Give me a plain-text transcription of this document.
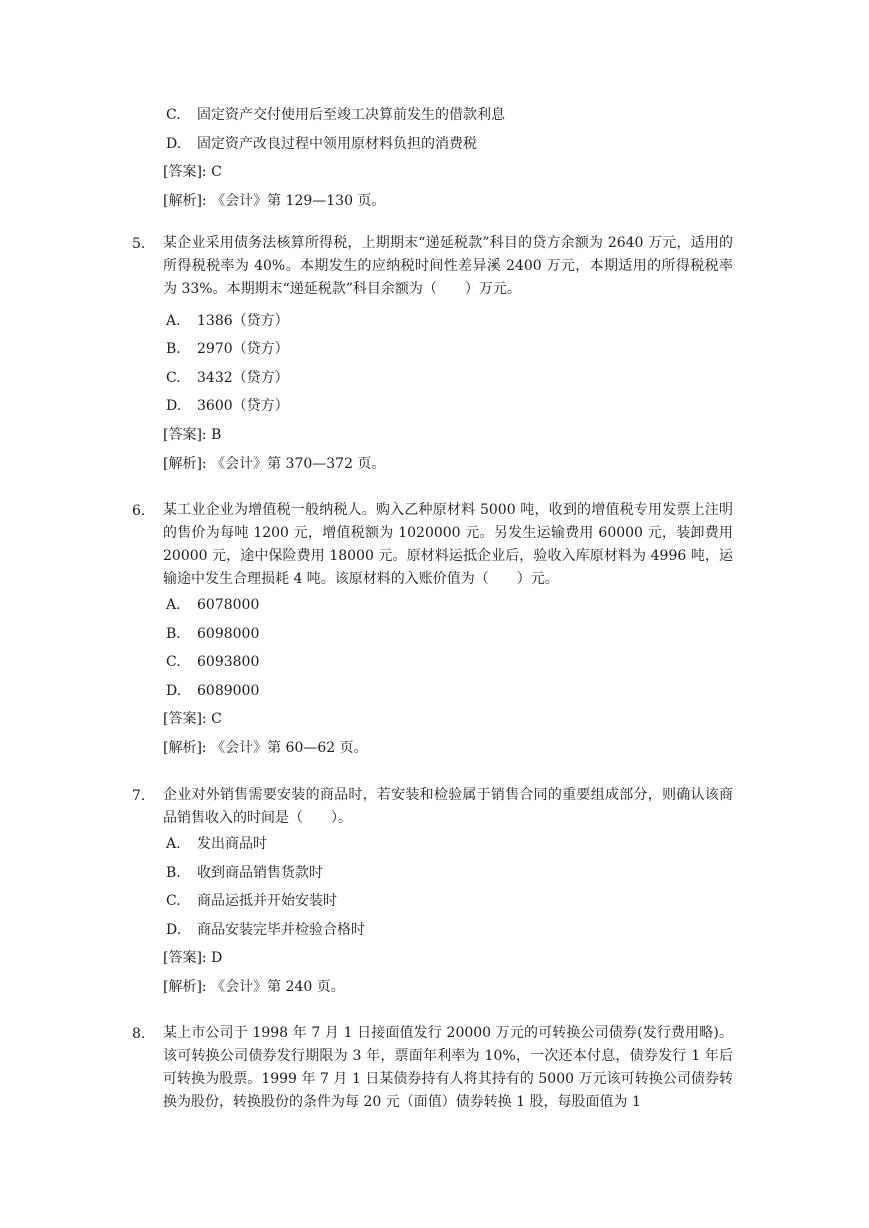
C. 固定资产交付使用后至竣工决算前发生的借款利息
D. 固定资产改良过程中领用原材料负担的消费税
[答案]: C
[解析]: 《会计》第 129—130 页。
5. 某企业采用债务法核算所得税，上期期末“递延税款”科目的贷方余额为 2640 万元，适用的所得税税率为 40%。本期发生的应纳税时间性差异溪 2400 万元，本期适用的所得税税率为 33%。本期期末“递延税款”科目余额为（　　）万元。
A. 1386（贷方）
B. 2970（贷方）
C. 3432（贷方）
D. 3600（贷方）
[答案]: B
[解析]: 《会计》第 370—372 页。
6. 某工业企业为增值税一般纳税人。购入乙种原材料 5000 吨，收到的增值税专用发票上注明的售价为每吨 1200 元，增值税额为 1020000 元。另发生运输费用 60000 元，装卸费用 20000 元，途中保险费用 18000 元。原材料运抵企业后，验收入库原材料为 4996 吨，运输途中发生合理损耗 4 吨。该原材料的入账价值为（　　）元。
A. 6078000
B. 6098000
C. 6093800
D. 6089000
[答案]: C
[解析]: 《会计》第 60—62 页。
7. 企业对外销售需要安装的商品时，若安装和检验属于销售合同的重要组成部分，则确认该商品销售收入的时间是（　　）。
A. 发出商品时
B. 收到商品销售货款时
C. 商品运抵并开始安装时
D. 商品安装完毕并检验合格时
[答案]: D
[解析]: 《会计》第 240 页。
8. 某上市公司于 1998 年 7 月 1 日接面值发行 20000 万元的可转换公司债券(发行费用略)。该可转换公司债券发行期限为 3 年，票面年利率为 10%，一次还本付息，债券发行 1 年后可转换为股票。1999 年 7 月 1 日某债券持有人将其持有的 5000 万元该可转换公司债券转换为股份，转换股份的条件为每 20 元（面值）债券转换 1 股，每股面值为 1
